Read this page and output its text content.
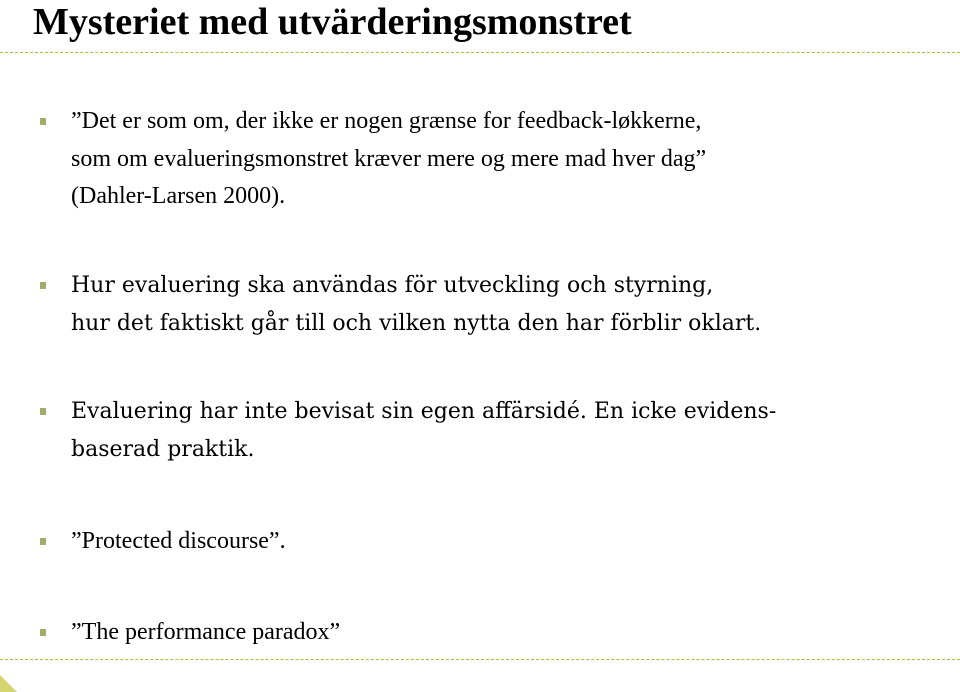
Mysteriet med utvärderingsmonstret
”Det er som om, der ikke er nogen grænse for feedback-løkkerne,
som om evalueringsmonstret kræver mere og mere mad hver dag”
(Dahler-Larsen 2000).
Hur evaluering ska användas för utveckling och styrning,
hur det faktiskt går till och vilken nytta den har förblir oklart.
Evaluering har inte bevisat sin egen affärsidé. En icke evidens-
baserad praktik.
”Protected discourse”.
”The performance paradox”
